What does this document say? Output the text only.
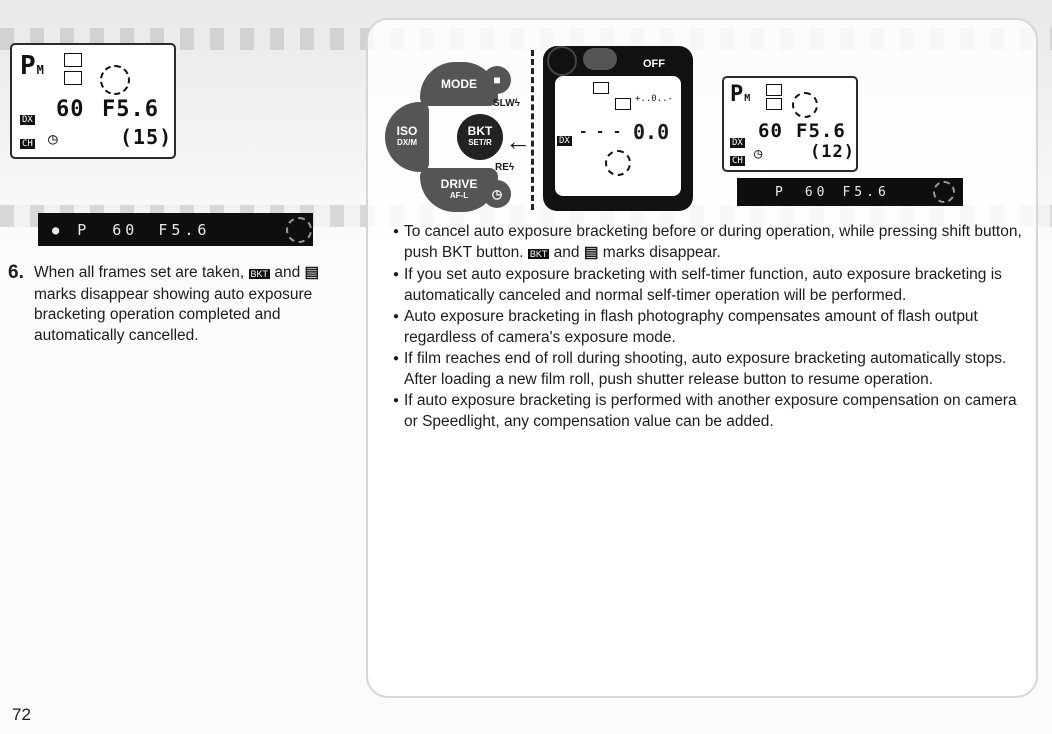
PM
DX 60 F5.6
CH ◷	(15)
● P 60 F5.6
MODE
ISO
DX/M
DRIVE
AF-L
BKT
SET/R
■
◷
SLWϟ
REϟ
←
OFF
+..0..-
DX
- - - 0.0
PM
DX
60 F5.6
CH ◷	(12)
P 60 F5.6
6. When all frames set are taken, BKT and ▤ marks disappear showing auto exposure bracketing operation completed and automatically cancelled.
● To cancel auto exposure bracketing before or during operation, while pressing shift button, push BKT button. BKT and ▤ marks disappear.
● If you set auto exposure bracketing with self-timer function, auto exposure bracketing is automatically canceled and normal self-timer operation will be performed.
● Auto exposure bracketing in flash photography compensates amount of flash output regardless of camera's exposure mode.
● If film reaches end of roll during shooting, auto exposure bracketing automatically stops. After loading a new film roll, push shutter release button to resume operation.
● If auto exposure bracketing is performed with another exposure compensation on camera or Speedlight, any compensation value can be added.
72
